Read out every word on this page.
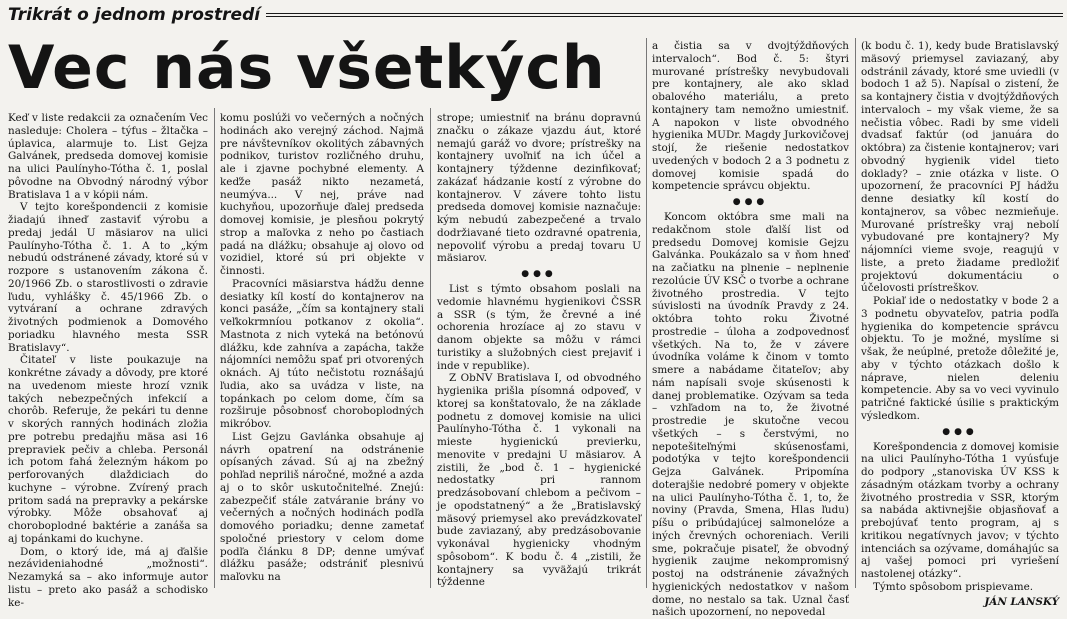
Trikrát o jednom prostredí
Vec nás všetkých

Keď v liste redakcii za označením Vec nasleduje: Cholera – týfus – žltačka – úplavica, alarmuje to. List Gejza Galvánek, predseda domovej komisie na ulici Paulínyho-Tótha č. 1, poslal pôvodne na Obvodný národný výbor Bratislava 1 a v kópii nám.

V tejto korešpondencii z komisie žiadajú ihneď zastaviť výrobu a predaj jedál U mäsiarov na ulici Paulínyho-Tótha č. 1. A to „kým nebudú odstránené závady, ktoré sú v rozpore s ustanovením zákona č. 20/1966 Zb. o starostlivosti o zdravie ľudu, vyhlášky č. 45/1966 Zb. o vytváraní a ochrane zdravých životných podmienok a Domového poriadku hlavného mesta SSR Bratislavy“.

Čitateľ v liste poukazuje na konkrétne závady a dôvody, pre ktoré na uvedenom mieste hrozí vznik takých nebezpečných infekcií a chorôb. Referuje, že pekári tu denne v skorých ranných hodinách zložia pre potrebu predajňu mäsa asi 16 prepraviek pečiv a chleba. Personál ich potom fahá železným hákom po perforovaných dlaždiciach do kuchyne – výrobne. Zvírený prach pritom sadá na prepravky a pekárske výrobky. Môže obsahovať aj choroboplodné baktérie a zanáša sa aj topánkami do kuchyne.

Dom, o ktorý ide, má aj ďalšie nezávideniahodné „možnosti“. Nezamyká sa – ako informuje autor listu – preto ako pasáž a schodisko ke-

komu poslúži vo večerných a nočných hodinách ako verejný záchod. Najmä pre návštevníkov okolitých zábavných podnikov, turistov rozličného druhu, ale i zjavne pochybné elementy. A keďže pasáž nikto nezametá, neumýva... V nej, práve nad kuchyňou, upozorňuje ďalej predseda domovej komisie, je plesňou pokrytý strop a maľovka z neho po častiach padá na dlážku; obsahuje aj olovo od vozidiel, ktoré sú pri objekte v činnosti.

Pracovníci mäsiarstva hádžu denne desiatky kíl kostí do kontajnerov na konci pasáže, „čím sa kontajnery stali veľkokrmníou potkanov z okolia“. Mastnota z nich vyteká na betónovú dlážku, kde zahníva a zapácha, takže nájomníci nemôžu spať pri otvorených oknách. Aj túto nečistotu roznášajú ľudia, ako sa uvádza v liste, na topánkach po celom dome, čím sa rozširuje pôsobnosť choroboplodných mikróbov.

List Gejzu Gavlánka obsahuje aj návrh opatrení na odstránenie opísaných závad. Sú aj na zbežný pohľad nepriliš náročné, možné a azda aj o to skôr uskutočniteľné. Znejú: zabezpečiť stále zatváranie brány vo večerných a nočných hodinách podľa domového poriadku; denne zametať spoločné priestory v celom dome podľa článku 8 DP; denne umývať dlážku pasáže; odstrániť plesnivú maľovku na

strope; umiestniť na bránu dopravnú značku o zákaze vjazdu áut, ktoré nemajú garáž vo dvore; prístrešky na kontajnery uvoľniť na ich účel a kontajnery týždenne dezinfikovať; zakázať hádzanie kostí z výrobne do kontajnerov. V závere tohto listu predseda domovej komisie naznačuje: kým nebudú zabezpečené a trvalo dodržiavané tieto ozdravné opatrenia, nepovoliť výrobu a predaj tovaru U mäsiarov.

●●●

List s týmto obsahom poslali na vedomie hlavnému hygienikovi ČSSR a SSR (s tým, že črevné a iné ochorenia hrozíace aj zo stavu v danom objekte sa môžu v rámci turistiky a služobných ciest prejaviť i inde v republike).

Z ObNV Bratislava I, od obvodného hygienika prišla písomná odpoveď, v ktorej sa konštatovalo, že na základe podnetu z domovej komisie na ulici Paulínyho-Tótha č. 1 vykonali na mieste hygienickú previerku, menovite v predajni U mäsiarov. A zistili, že „bod č. 1 – hygienické nedostatky pri rannom predzásobovaní chlebom a pečivom – je opodstatnený“ a že „Bratislavský mäsový priemysel ako prevádzkovateľ bude zaviazaný, aby predzásobovanie vykonával hygienicky vhodným spôsobom“. K bodu č. 4 „zistili, že kontajnery sa vyväžajú trikrát týždenne

a čistia sa v dvojtýždňových intervaloch“. Bod č. 5: štyri murované prístrešky nevybudovali pre kontajnery, ale ako sklad obalového materiálu, a preto kontajnery tam nemožno umiestniť. A napokon v liste obvodného hygienika MUDr. Magdy Jurkovičovej stojí, že riešenie nedostatkov uvedených v bodoch 2 a 3 podnetu z domovej komisie spadá do kompetencie správcu objektu.

●●●

Koncom októbra sme mali na redakčnom stole ďalší list od predsedu Domovej komisie Gejzu Galvánka. Poukázalo sa v ňom hneď na začiatku na plnenie – neplnenie rezolúcie ÚV KSČ o tvorbe a ochrane životného prostredia. V tejto súvislosti na úvodník Pravdy z 24. októbra tohto roku Životné prostredie – úloha a zodpovednosť všetkých. Na to, že v závere úvodníka voláme k činom v tomto smere a nabádame čitateľov; aby nám napísali svoje skúsenosti k danej problematike. Ozývam sa teda – vzhľadom na to, že životné prostredie je skutočne vecou všetkých – s čerstvými, no nepotešiteľnými skúsenosťami, podotýka v tejto korešpondencii Gejza Galvánek. Pripomína doterajšie nedobré pomery v objekte na ulici Paulínyho-Tótha č. 1, to, že noviny (Pravda, Smena, Hlas ľudu) píšu o pribúdajúcej salmonelóze a iných črevných ochoreniach. Verili sme, pokračuje pisateľ, že obvodný hygienik zaujme nekompromisný postoj na odstránenie závažných hygienických nedostatkov v našom dome, no nestalo sa tak. Uznal časť našich upozornení, no nepovedal

(k bodu č. 1), kedy bude Bratislavský mäsový priemysel zaviazaný, aby odstránil závady, ktoré sme uviedli (v bodoch 1 až 5). Napísal o zistení, že sa kontajnery čistia v dvojtýždňových intervaloch – my však vieme, že sa nečistia vôbec. Radi by sme videli dvadsať faktúr (od januára do októbra) za čistenie kontajnerov; vari obvodný hygienik videl tieto doklady? – znie otázka v liste. O upozornení, že pracovníci PJ hádžu denne desiatky kíl kostí do kontajnerov, sa vôbec nezmieňuje. Murované prístrešky vraj nebolí vybudované pre kontajnery? My nájomníci vieme svoje, reagujú v liste, a preto žiadame predložiť projektovú dokumentáciu o účelovosti prístreškov.

Pokiaľ ide o nedostatky v bode 2 a 3 podnetu obyvateľov, patria podľa hygienika do kompetencie správcu objektu. To je možné, myslíme si však, že neúplné, pretože dôležité je, aby v týchto otázkach došlo k náprave, nielen deleniu kompetencie. Aby sa vo veci vyvinulo patričné faktické úsilie s praktickým výsledkom.

●●●

Korešpondencia z domovej komisie na ulici Paulínyho-Tótha 1 vyúsťuje do podpory „stanoviska ÚV KSS k zásadným otázkam tvorby a ochrany životného prostredia v SSR, ktorým sa nabáda aktivnejšie objasňovať a prebojúvať tento program, aj s kritikou negatívnych javov; v týchto intenciách sa ozývame, domáhajúc sa aj vašej pomoci pri vyriešení nastolenej otázky“.

Týmto spôsobom prispievame.

JÁN LANSKÝ
